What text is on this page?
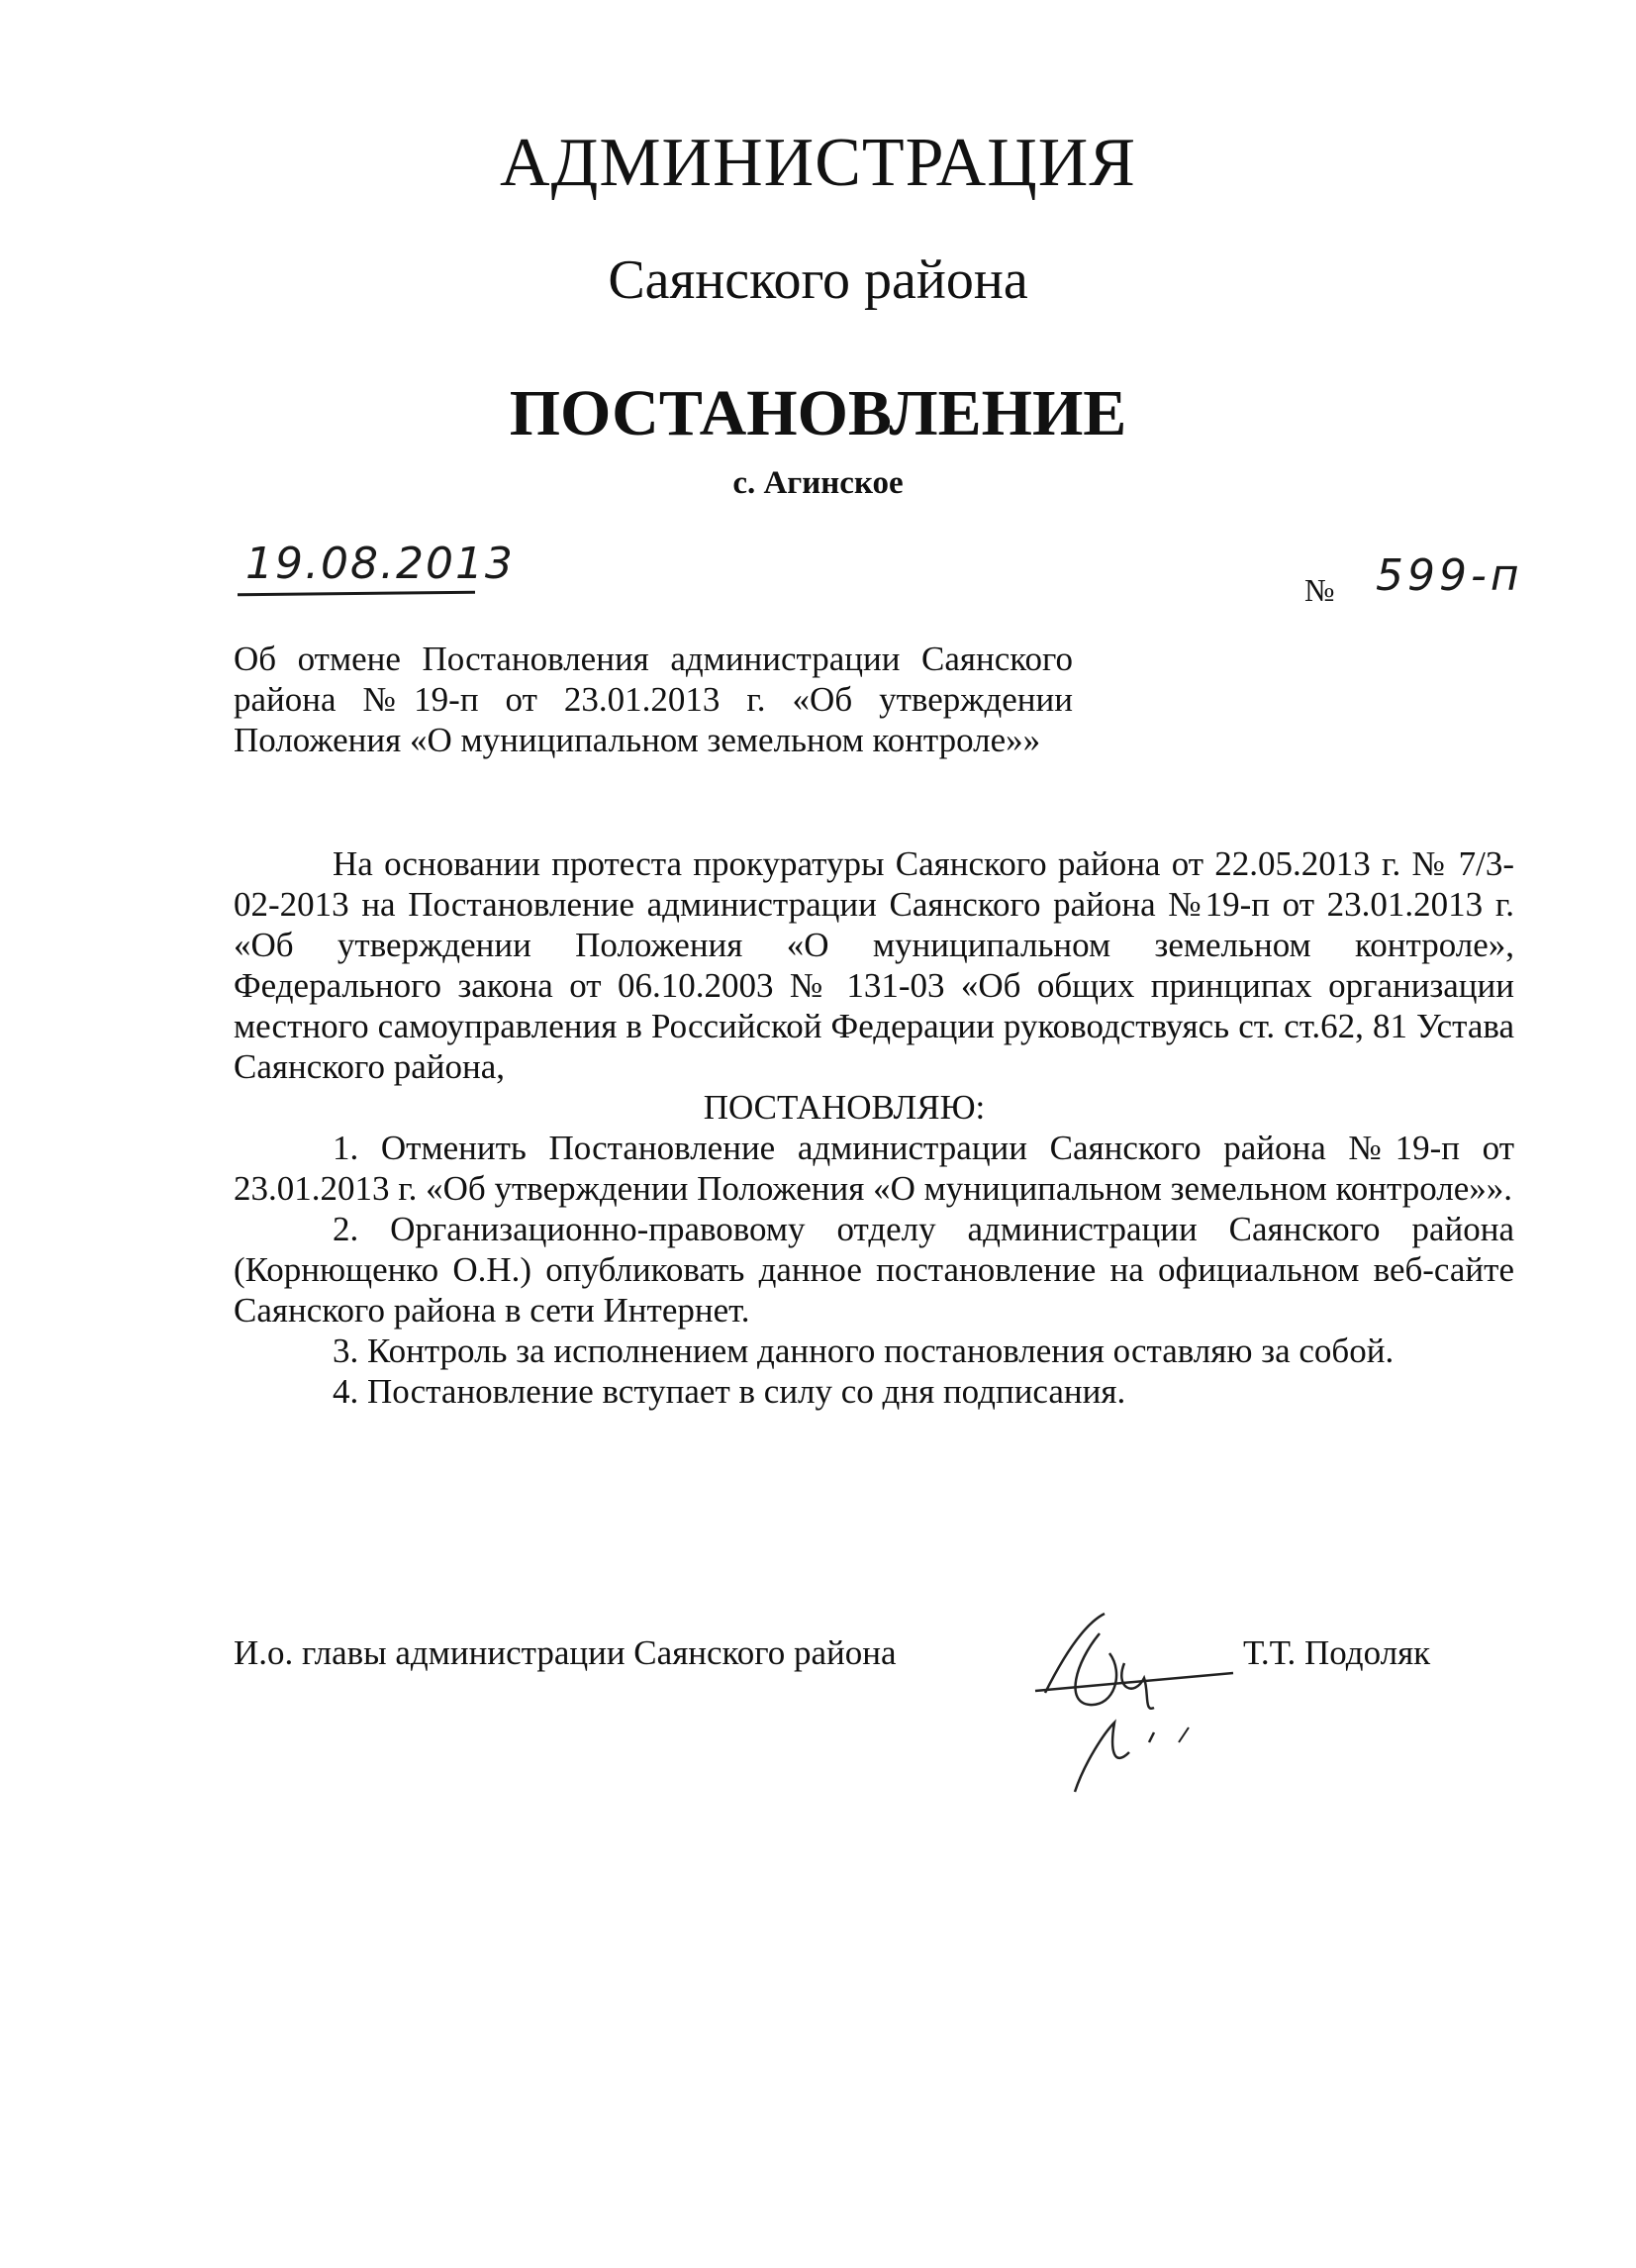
АДМИНИСТРАЦИЯ
Саянского района
ПОСТАНОВЛЕНИЕ
с. Агинское
19.08.2013
№ 599-п
Об отмене Постановления администрации Саянского района №19-п от 23.01.2013 г. «Об утверждении Положения «О муниципальном земельном контроле»»

На основании протеста прокуратуры Саянского района от 22.05.2013 г. № 7/3-02-2013 на Постановление администрации Саянского района №19-п от 23.01.2013 г. «Об утверждении Положения «О муниципальном земельном контроле», Федерального закона от 06.10.2003 № 131-03 «Об общих принципах организации местного самоуправления в Российской Федерации руководствуясь ст. ст.62, 81 Устава Саянского района,

ПОСТАНОВЛЯЮ:

1. Отменить Постановление администрации Саянского района №19-п от 23.01.2013 г. «Об утверждении Положения «О муниципальном земельном контроле»».

2. Организационно-правовому отделу администрации Саянского района (Корнющенко О.Н.) опубликовать данное постановление на официальном веб-сайте Саянского района в сети Интернет.

3. Контроль за исполнением данного постановления оставляю за собой.

4. Постановление вступает в силу со дня подписания.

И.о. главы администрации Саянского района	Т.Т. Подоляк
